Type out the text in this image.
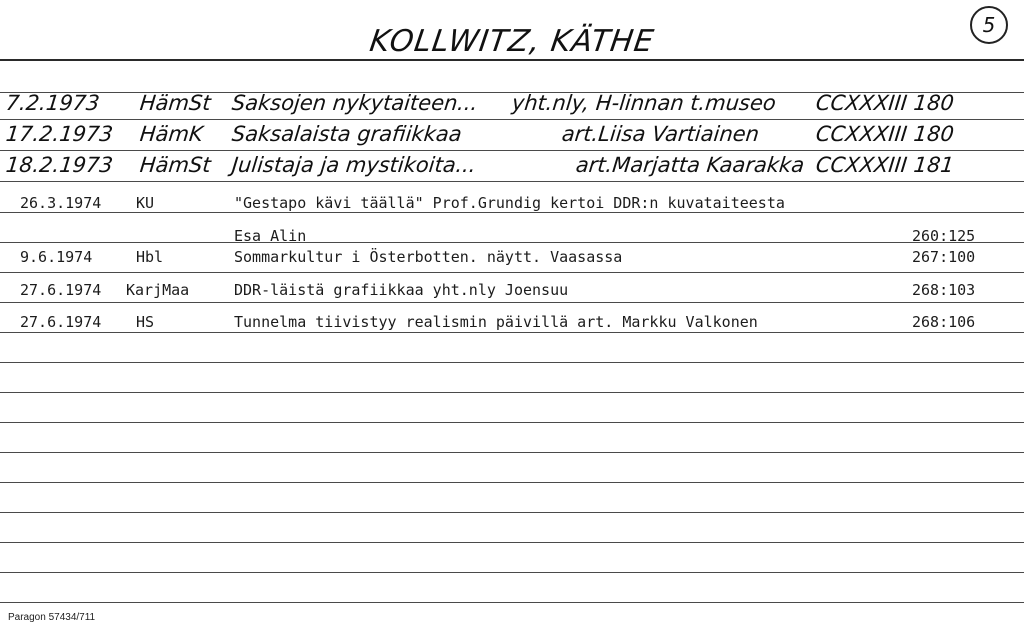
KOLLWITZ, KÄTHE	5
7.2.1973 HämSt Saksojen nykytaiteen... yht.nly, H-linnan t.museo CCXXXIII 180
17.2.1973 HämK Saksalaista grafiikkaa	art.Liisa Vartiainen	CCXXXIII 180
18.2.1973 HämSt Julistaja ja mystikoita...	art.Marjatta Kaarakka CCXXXIII 181
26.3.1974 KU	"Gestapo kävi täällä" Prof.Grundig kertoi DDR:n kuvataiteesta
Esa Alin	260:125
9.6.1974	Hbl	Sommarkultur i Österbotten. näytt. Vaasassa	267:100
27.6.1974 KarjMaa	DDR-läistä grafiikkaa yht.nly Joensuu	268:103
27.6.1974 HS	Tunnelma tiivistyy realismin päivillä art. Markku Valkonen	268:106
Paragon 57434/711
